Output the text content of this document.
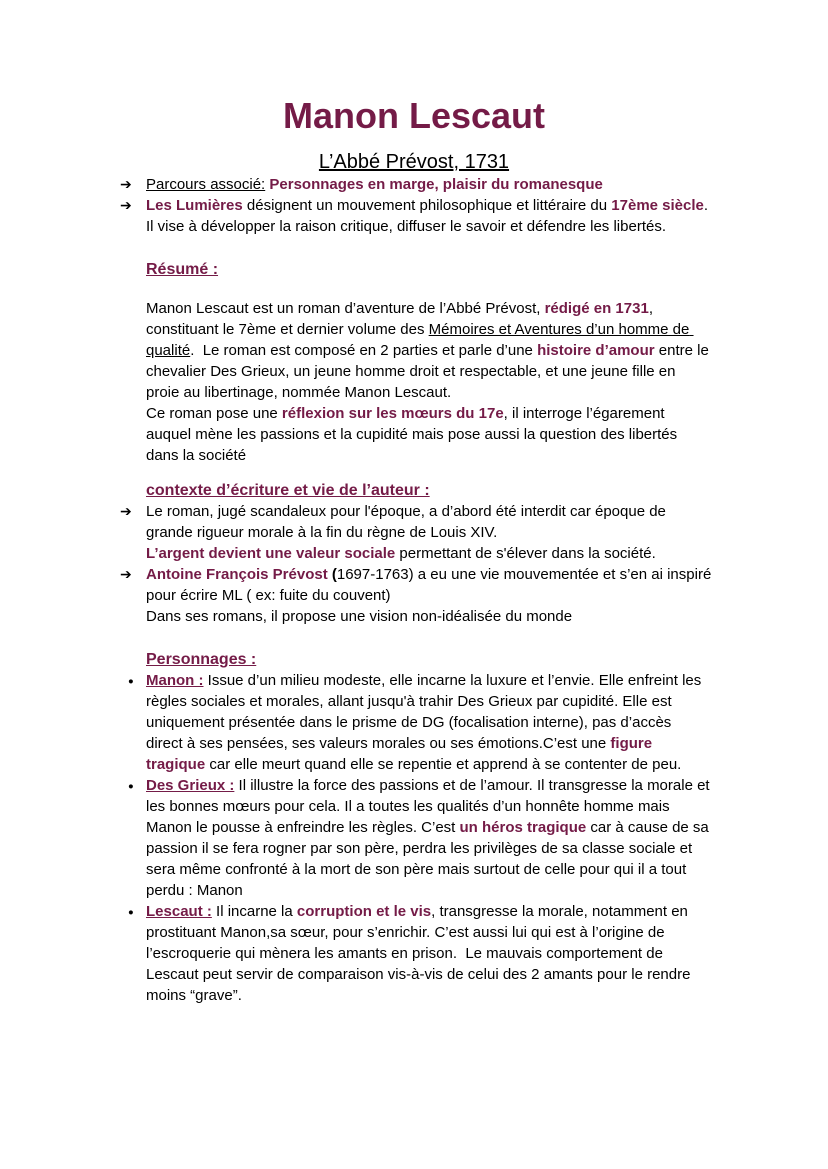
Manon Lescaut
L’Abbé Prévost, 1731
➔ Parcours associé: Personnages en marge, plaisir du romanesque
➔ Les Lumières désignent un mouvement philosophique et littéraire du 17ème siècle. Il vise à développer la raison critique, diffuser le savoir et défendre les libertés.
Résumé :
Manon Lescaut est un roman d’aventure de l’Abbé Prévost, rédigé en 1731, constituant le 7ème et dernier volume des Mémoires et Aventures d’un homme de qualité.  Le roman est composé en 2 parties et parle d’une histoire d’amour entre le chevalier Des Grieux, un jeune homme droit et respectable, et une jeune fille en proie au libertinage, nommée Manon Lescaut.
Ce roman pose une réflexion sur les mœurs du 17e, il interroge l’égarement auquel mène les passions et la cupidité mais pose aussi la question des libertés dans la société
contexte d’écriture et vie de l’auteur :
➔ Le roman, jugé scandaleux pour l'époque, a d’abord été interdit car époque de grande rigueur morale à la fin du règne de Louis XIV.
L’argent devient une valeur sociale permettant de s'élever dans la société.
➔ Antoine François Prévost (1697-1763) a eu une vie mouvementée et s’en ai inspiré pour écrire ML ( ex: fuite du couvent)
Dans ses romans, il propose une vision non-idéalisée du monde
Personnages :
● Manon : Issue d’un milieu modeste, elle incarne la luxure et l’envie. Elle enfreint les règles sociales et morales, allant jusqu'à trahir Des Grieux par cupidité. Elle est uniquement présentée dans le prisme de DG (focalisation interne), pas d’accès direct à ses pensées, ses valeurs morales ou ses émotions.C’est une figure tragique car elle meurt quand elle se repentie et apprend à se contenter de peu.
● Des Grieux : Il illustre la force des passions et de l’amour. Il transgresse la morale et les bonnes mœurs pour cela. Il a toutes les qualités d’un honnête homme mais Manon le pousse à enfreindre les règles. C’est un héros tragique car à cause de sa passion il se fera rogner par son père, perdra les privilèges de sa classe sociale et sera même confronté à la mort de son père mais surtout de celle pour qui il a tout perdu : Manon
● Lescaut : Il incarne la corruption et le vis, transgresse la morale, notamment en prostituant Manon,sa sœur, pour s’enrichir. C’est aussi lui qui est à l’origine de l’escroquerie qui mènera les amants en prison.  Le mauvais comportement de Lescaut peut servir de comparaison vis-à-vis de celui des 2 amants pour le rendre moins “grave”.
